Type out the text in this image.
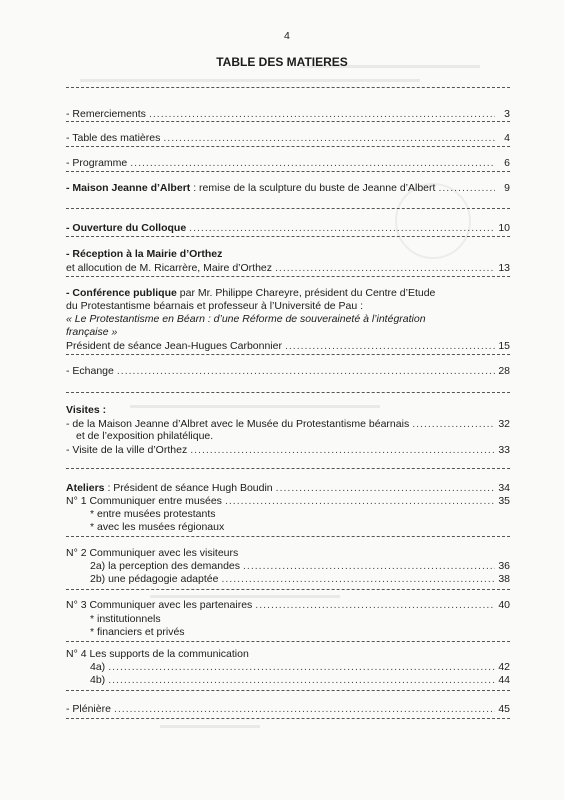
▬▬▬▬▬▬▬▬▬▬▬▬▬▬▬▬▬▬
▬▬▬▬▬▬▬▬▬▬▬▬▬▬▬▬▬▬▬▬▬▬▬▬▬▬▬▬▬▬▬▬▬▬
▬▬▬▬▬▬▬▬▬▬▬▬▬▬▬▬▬▬▬▬▬▬▬▬▬
▬▬▬▬▬▬▬▬▬▬▬▬▬▬▬▬▬▬▬
▬▬▬▬▬▬▬▬▬▬
4
TABLE DES MATIERES
- Remerciements .....	3
- Table des matières .....	4
- Programme .....	6
- Maison Jeanne d’Albert : remise de la sculpture du buste de Jeanne d’Albert .....	9
- Ouverture du Colloque .....	10
- Réception à la Mairie d’Orthez
et allocution de M. Ricarrère, Maire d’Orthez .....	13
- Conférence publique par Mr. Philippe Chareyre, président du Centre d’Etude
du Protestantisme béarnais et professeur à l’Université de Pau :
« Le Protestantisme en Béarn : d’une Réforme de souveraineté à l’intégration
française »
Président de séance Jean-Hugues Carbonnier .....	15
- Echange .....	28
Visites :
- de la Maison Jeanne d’Albret avec le Musée du Protestantisme béarnais .....	32
et de l’exposition philatélique.
- Visite de la ville d’Orthez .....	33
Ateliers : Président de séance Hugh Boudin .....	34
N° 1 Communiquer entre musées .....	35
* entre musées protestants
* avec les musées régionaux
N° 2 Communiquer avec les visiteurs
2a) la perception des demandes .....	36
2b) une pédagogie adaptée .....	38
N° 3 Communiquer avec les partenaires .....	40
* institutionnels
* financiers et privés
N° 4 Les supports de la communication
4a) .....	42
4b) .....	44
- Plénière .....	45
